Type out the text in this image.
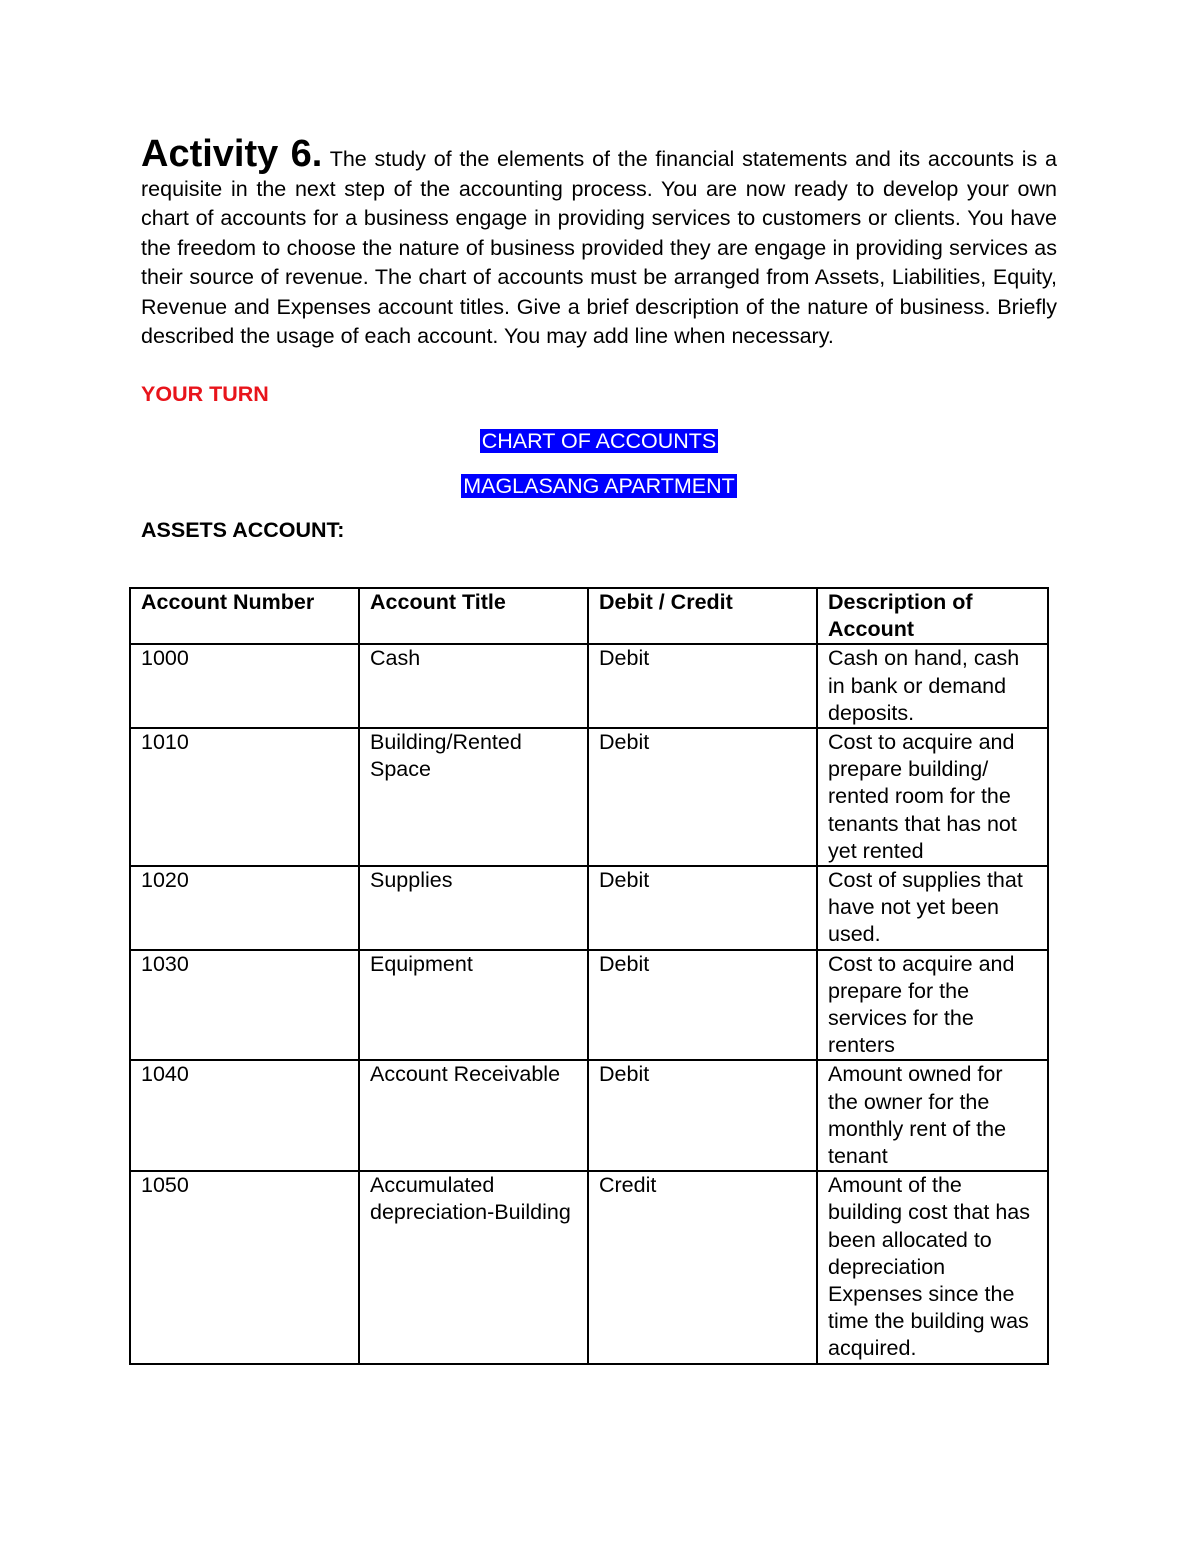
Activity 6. The study of the elements of the financial statements and its accounts is a requisite in the next step of the accounting process. You are now ready to develop your own chart of accounts for a business engage in providing services to customers or clients. You have the freedom to choose the nature of business provided they are engage in providing services as their source of revenue. The chart of accounts must be arranged from Assets, Liabilities, Equity, Revenue and Expenses account titles. Give a brief description of the nature of business. Briefly described the usage of each account. You may add line when necessary.

YOUR TURN
CHART OF ACCOUNTS
MAGLASANG APARTMENT
ASSETS ACCOUNT:
Account Number	Account Title	Debit / Credit	Description of Account
1000	Cash	Debit	Cash on hand, cash in bank or demand deposits.
1010	Building/Rented Space	Debit	Cost to acquire and prepare building/ rented room for the tenants that has not yet rented
1020	Supplies	Debit	Cost of supplies that have not yet been used.
1030	Equipment	Debit	Cost to acquire and prepare for the services for the renters
1040	Account Receivable	Debit	Amount owned for the owner for the monthly rent of the tenant
1050	Accumulated depreciation-Building	Credit	Amount of the building cost that has been allocated to depreciation Expenses since the time the building was acquired.
